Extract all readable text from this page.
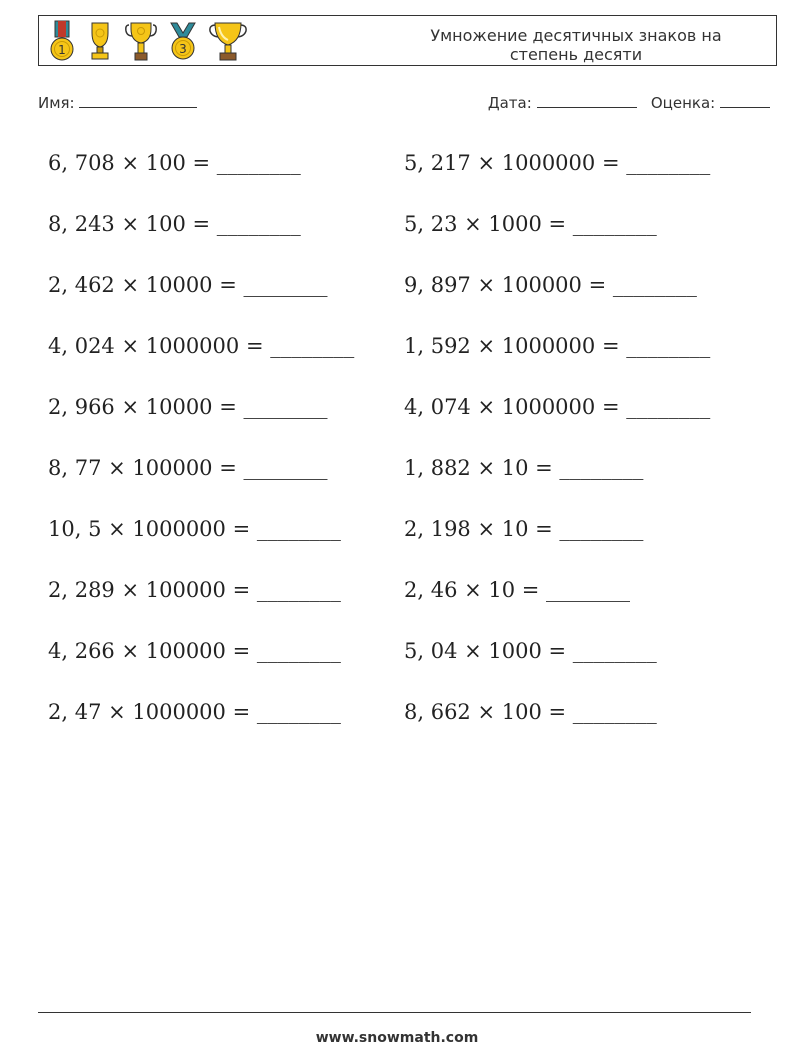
1	3
Умножение десятичных знаков на степень десяти
Имя:	Дата:	Оценка:
6, 708 × 100 = ________	5, 217 × 1000000 = ________
8, 243 × 100 = ________	5, 23 × 1000 = ________
2, 462 × 10000 = ________	9, 897 × 100000 = ________
4, 024 × 1000000 = ________ 1, 592 × 1000000 = ________
2, 966 × 10000 = ________	4, 074 × 1000000 = ________
8, 77 × 100000 = ________	1, 882 × 10 = ________
10, 5 × 1000000 = ________	2, 198 × 10 = ________
2, 289 × 100000 = ________	2, 46 × 10 = ________
4, 266 × 100000 = ________	5, 04 × 1000 = ________
2, 47 × 1000000 = ________	8, 662 × 100 = ________
www.snowmath.com
